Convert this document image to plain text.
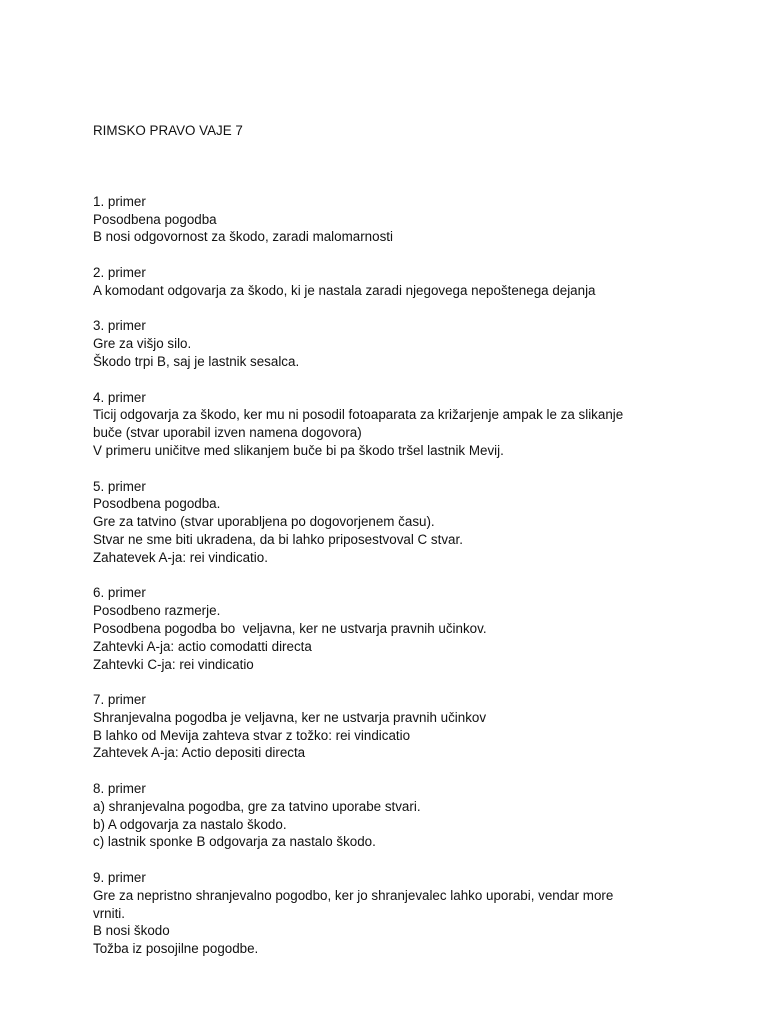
RIMSKO PRAVO VAJE 7

1. primer
Posodbena pogodba
B nosi odgovornost za škodo, zaradi malomarnosti
2. primer
A komodant odgovarja za škodo, ki je nastala zaradi njegovega nepoštenega dejanja
3. primer
Gre za višjo silo.
Škodo trpi B, saj je lastnik sesalca.
4. primer
Ticij odgovarja za škodo, ker mu ni posodil fotoaparata za križarjenje ampak le za slikanje
buče (stvar uporabil izven namena dogovora)
V primeru uničitve med slikanjem buče bi pa škodo tršel lastnik Mevij.
5. primer
Posodbena pogodba.
Gre za tatvino (stvar uporabljena po dogovorjenem času).
Stvar ne sme biti ukradena, da bi lahko priposestvoval C stvar.
Zahatevek A-ja: rei vindicatio.
6. primer
Posodbeno razmerje.
Posodbena pogodba bo  veljavna, ker ne ustvarja pravnih učinkov.
Zahtevki A-ja: actio comodatti directa
Zahtevki C-ja: rei vindicatio
7. primer
Shranjevalna pogodba je veljavna, ker ne ustvarja pravnih učinkov
B lahko od Mevija zahteva stvar z tožko: rei vindicatio
Zahtevek A-ja: Actio depositi directa
8. primer
a) shranjevalna pogodba, gre za tatvino uporabe stvari.
b) A odgovarja za nastalo škodo.
c) lastnik sponke B odgovarja za nastalo škodo.
9. primer
Gre za nepristno shranjevalno pogodbo, ker jo shranjevalec lahko uporabi, vendar more
vrniti.
B nosi škodo
Tožba iz posojilne pogodbe.
